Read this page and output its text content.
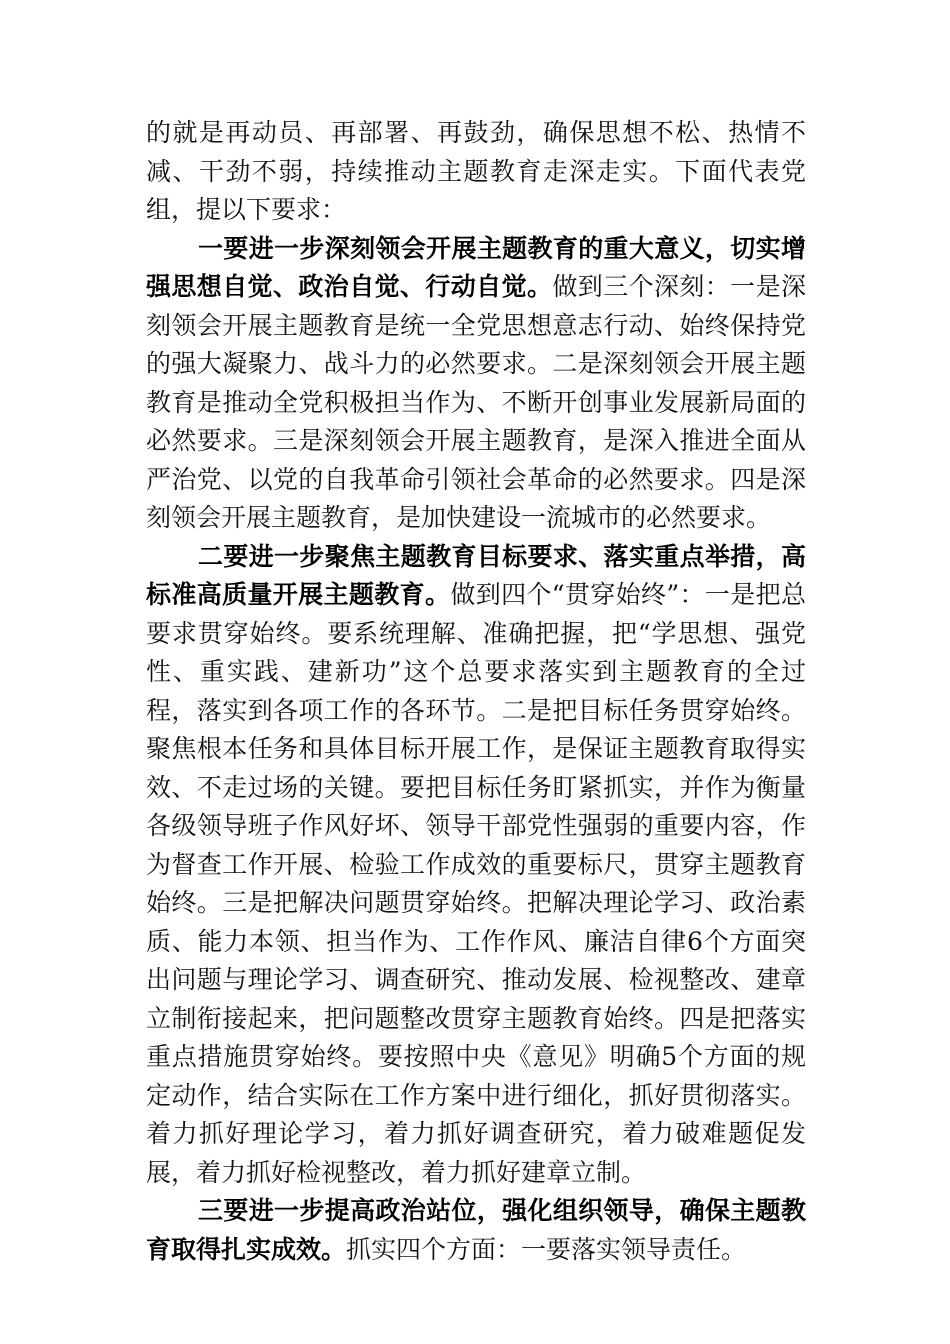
的就是再动员、再部署、再鼓劲，确保思想不松、热情不减、干劲不弱，持续推动主题教育走深走实。下面代表党组，提以下要求：

一要进一步深刻领会开展主题教育的重大意义，切实增强思想自觉、政治自觉、行动自觉。做到三个深刻：一是深刻领会开展主题教育是统一全党思想意志行动、始终保持党的强大凝聚力、战斗力的必然要求。二是深刻领会开展主题教育是推动全党积极担当作为、不断开创事业发展新局面的必然要求。三是深刻领会开展主题教育，是深入推进全面从严治党、以党的自我革命引领社会革命的必然要求。四是深刻领会开展主题教育，是加快建设一流城市的必然要求。

二要进一步聚焦主题教育目标要求、落实重点举措，高标准高质量开展主题教育。做到四个“贯穿始终”：一是把总要求贯穿始终。要系统理解、准确把握，把“学思想、强党性、重实践、建新功”这个总要求落实到主题教育的全过程，落实到各项工作的各环节。二是把目标任务贯穿始终。聚焦根本任务和具体目标开展工作，是保证主题教育取得实效、不走过场的关键。要把目标任务盯紧抓实，并作为衡量各级领导班子作风好坏、领导干部党性强弱的重要内容，作为督查工作开展、检验工作成效的重要标尺，贯穿主题教育始终。三是把解决问题贯穿始终。把解决理论学习、政治素质、能力本领、担当作为、工作作风、廉洁自律6个方面突出问题与理论学习、调查研究、推动发展、检视整改、建章立制衔接起来，把问题整改贯穿主题教育始终。四是把落实重点措施贯穿始终。要按照中央《意见》明确5个方面的规定动作，结合实际在工作方案中进行细化，抓好贯彻落实。着力抓好理论学习，着力抓好调查研究，着力破难题促发展，着力抓好检视整改，着力抓好建章立制。

三要进一步提高政治站位，强化组织领导，确保主题教育取得扎实成效。抓实四个方面：一要落实领导责任。
